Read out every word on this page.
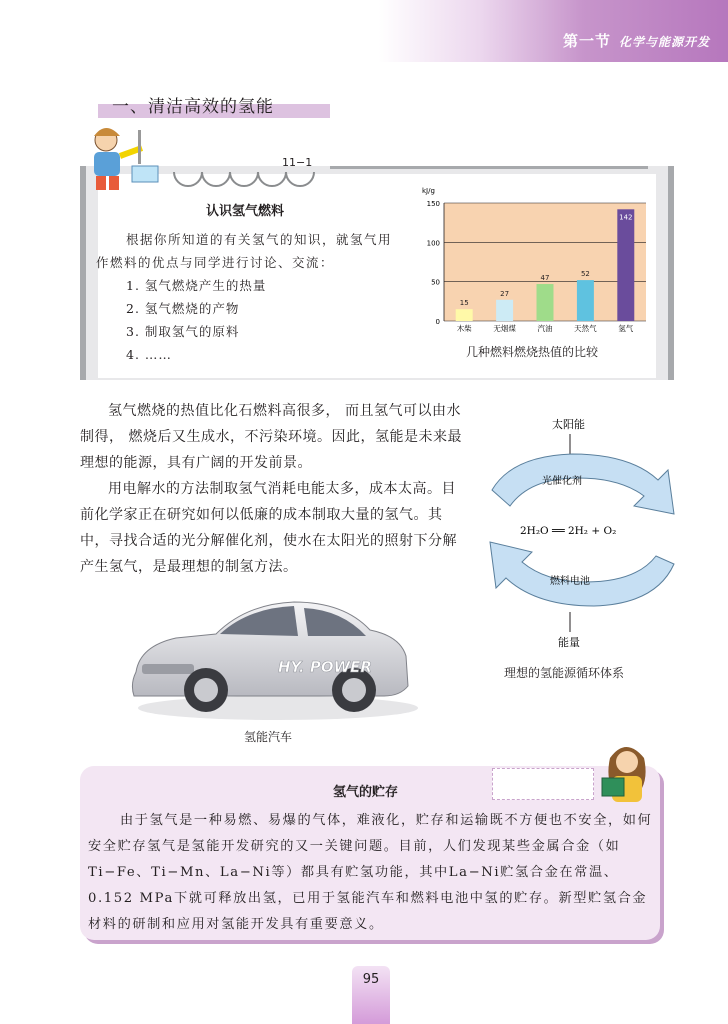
第一节 化学与能源开发
一、清洁高效的氢能
11−1
认识氢气燃料
根据你所知道的有关氢气的知识，就氢气用作燃料的优点与同学进行讨论、交流：
1. 氢气燃烧产生的热量
2. 氢气燃烧的产物
3. 制取氢气的原料
4. ……
kJ/g
0
50
100
150
15
木柴
27
无烟煤
47
汽油
52
天然气
142
氢气
几种燃料燃烧热值的比较

氢气燃烧的热值比化石燃料高很多， 而且氢气可以由水制得， 燃烧后又生成水，不污染环境。因此，氢能是未来最理想的能源，具有广阔的开发前景。

用电解水的方法制取氢气消耗电能太多，成本太高。目前化学家正在研究如何以低廉的成本制取大量的氢气。其中，寻找合适的光分解催化剂，使水在太阳光的照射下分解产生氢气，是最理想的制氢方法。

HY. POWER
氢能汽车
太阳能
光催化剂
2H₂O ══ 2H₂ + O₂
燃料电池
能量
理想的氢能源循环体系
氢气的贮存

由于氢气是一种易燃、易爆的气体，难液化，贮存和运输既不方便也不安全，如何安全贮存氢气是氢能开发研究的又一关键问题。目前，人们发现某些金属合金（如Ti−Fe、Ti−Mn、La−Ni等）都具有贮氢功能，其中La−Ni贮氢合金在常温、0.152 MPa下就可释放出氢，已用于氢能汽车和燃料电池中氢的贮存。新型贮氢合金材料的研制和应用对氢能开发具有重要意义。

95
